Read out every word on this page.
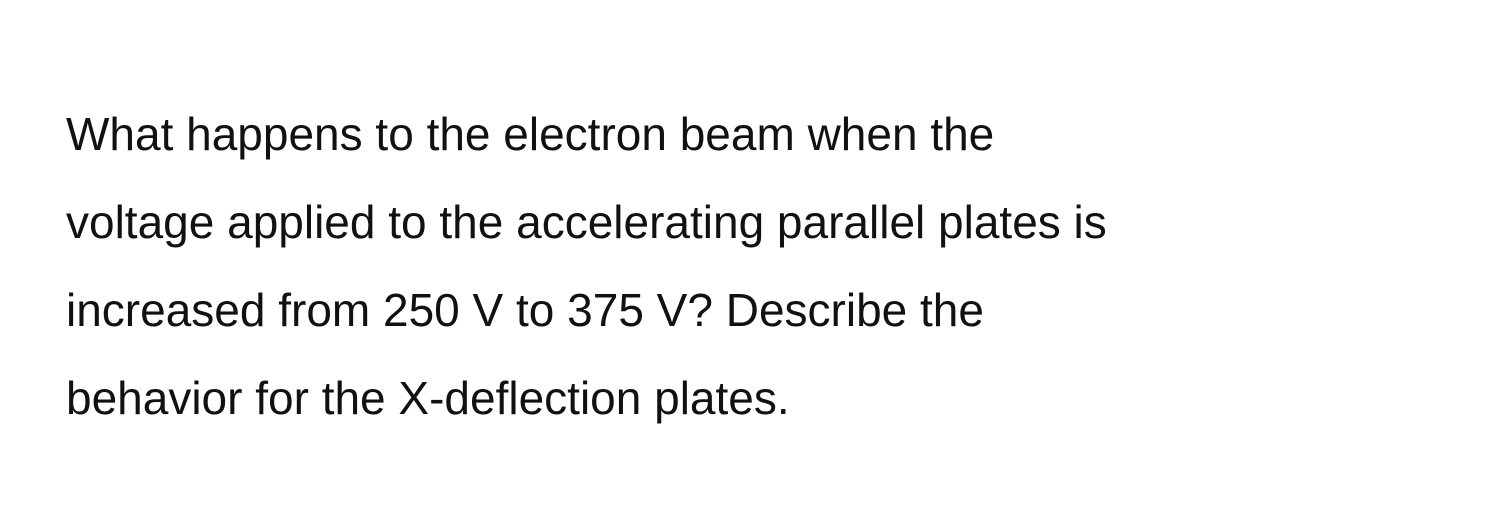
What happens to the electron beam when the
voltage applied to the accelerating parallel plates is
increased from 250 V to 375 V? Describe the
behavior for the X-deflection plates.
